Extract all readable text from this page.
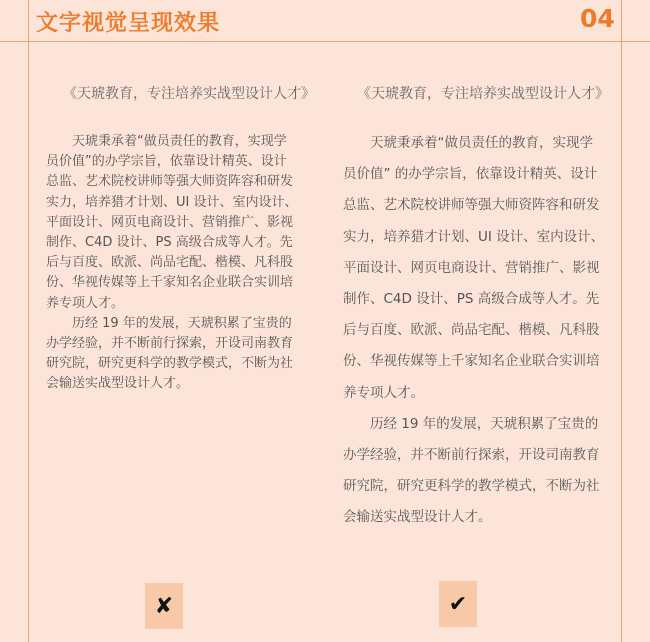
文字视觉呈现效果	04
《天琥教育，专注培养实战型设计人才》

　　天琥秉承着“做员责任的教育，实现学

员价值”的办学宗旨，依靠设计精英、设计

总监、艺术院校讲师等强大师资阵容和研发

实力，培养猎才计划、UI 设计、室内设计、

平面设计、网页电商设计、营销推广、影视

制作、C4D 设计、PS 高级合成等人才。先

后与百度、欧派、尚品宅配、楷模、凡科股

份、华视传媒等上千家知名企业联合实训培

养专项人才。

　　历经 19 年的发展，天琥积累了宝贵的

办学经验，并不断前行探索，开设司南教育

研究院，研究更科学的教学模式，不断为社

会输送实战型设计人才。

《天琥教育，专注培养实战型设计人才》

　　天琥秉承着“做员责任的教育，实现学

员价值” 的办学宗旨，依靠设计精英、设计

总监、艺术院校讲师等强大师资阵容和研发

实力，培养猎才计划、UI 设计、室内设计、

平面设计、网页电商设计、营销推广、影视

制作、C4D 设计、PS 高级合成等人才。先

后与百度、欧派、尚品宅配、楷模、凡科股

份、华视传媒等上千家知名企业联合实训培

养专项人才。

　　历经 19 年的发展，天琥积累了宝贵的

办学经验，并不断前行探索，开设司南教育

研究院，研究更科学的教学模式，不断为社

会输送实战型设计人才。

✘	✔
